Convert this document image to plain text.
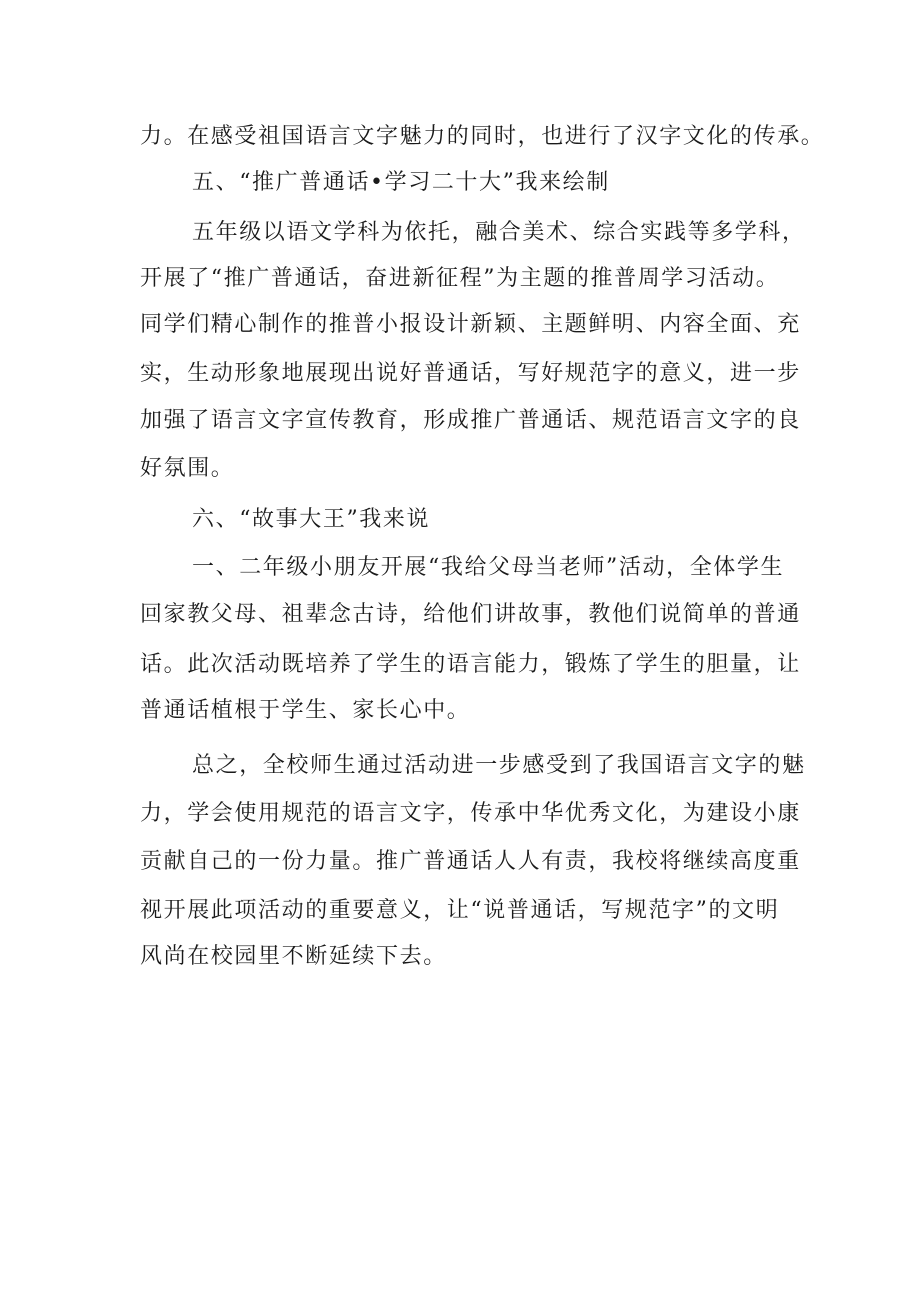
力。在感受祖国语言文字魅力的同时，也进行了汉字文化的传承。
五、“推广普通话•学习二十大”我来绘制
五年级以语文学科为依托，融合美术、综合实践等多学科，
开展了“推广普通话，奋进新征程”为主题的推普周学习活动。
同学们精心制作的推普小报设计新颖、主题鲜明、内容全面、充
实，生动形象地展现出说好普通话，写好规范字的意义，进一步
加强了语言文字宣传教育，形成推广普通话、规范语言文字的良
好氛围。
六、“故事大王”我来说
一、二年级小朋友开展“我给父母当老师”活动，全体学生
回家教父母、祖辈念古诗，给他们讲故事，教他们说简单的普通
话。此次活动既培养了学生的语言能力，锻炼了学生的胆量，让
普通话植根于学生、家长心中。
总之，全校师生通过活动进一步感受到了我国语言文字的魅
力，学会使用规范的语言文字，传承中华优秀文化，为建设小康
贡献自己的一份力量。推广普通话人人有责，我校将继续高度重
视开展此项活动的重要意义，让“说普通话，写规范字”的文明
风尚在校园里不断延续下去。
